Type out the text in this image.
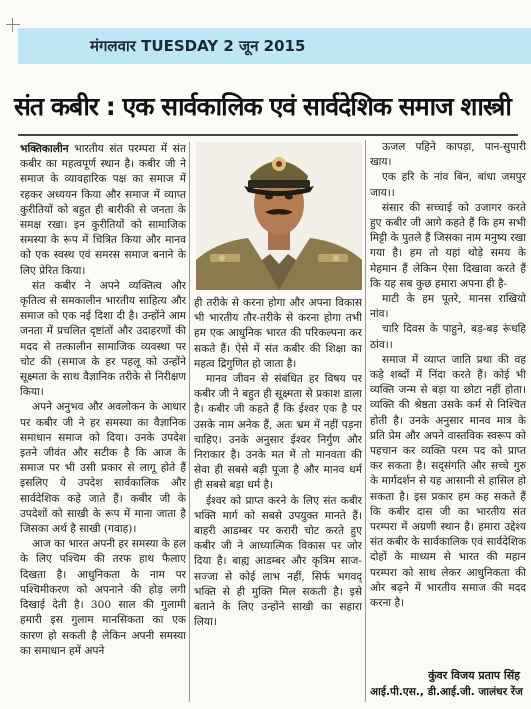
मंगलवार TUESDAY 2 जून 2015
संत कबीर : एक सार्वकालिक एवं सार्वदेशिक समाज शास्त्री

भक्तिकालीन भारतीय संत परम्परा में संत कबीर का महत्वपूर्ण स्थान है। कबीर जी ने समाज के व्यावहारिक पक्ष का समाज में रहकर अध्ययन किया और समाज में व्याप्त कुरीतियों को बहुत ही बारीकी से जनता के समक्ष रखा। इन कुरीतियों को सामाजिक समस्या के रूप में चित्रित किया और मानव को एक स्वस्थ एवं समरस समाज बनाने के लिए प्रेरित किया।

संत कबीर ने अपने व्यक्तित्व और कृतित्व से समकालीन भारतीय साहित्य और समाज को एक नई दिशा दी है। उन्होंने आम जनता में प्रचलित दृष्टांतों और उदाहरणों की मदद से तत्कालीन सामाजिक व्यवस्था पर चोट की (समाज के हर पहलू को उन्होंने सूक्ष्मता के साथ वैज्ञानिक तरीके से निरीक्षण किया।

अपने अनुभव और अवलोकन के आधार पर कबीर जी ने हर समस्या का वैज्ञानिक समाधान समाज को दिया। उनके उपदेश इतने जीवंत और सटीक है कि आज के समाज पर भी उसी प्रकार से लागू होते हैं इसलिए ये उपदेश सार्वकालिक और सार्वदेशिक कहे जाते हैं। कबीर जी के उपदेशों को साखी के रूप में माना जाता है जिसका अर्थ है साखी (गवाह)।

आज का भारत अपनी हर समस्या के हल के लिए पश्चिम की तरफ हाथ फैलाए दिखता है। आधुनिकता के नाम पर पश्चिमीकरण को अपनाने की होड़ लगी दिखाई देती है। 300 साल की गुलामी हमारी इस गुलाम मानसिकता का एक कारण हो सकती है लेकिन अपनी समस्या का समाधान हमें अपने

ही तरीके से करना होगा और अपना विकास भी भारतीय तौर-तरीके से करना होगा तभी हम एक आधुनिक भारत की परिकल्पना कर सकते हैं। ऐसे में संत कबीर की शिक्षा का महत्व द्रिगुणित हो जाता है।

मानव जीवन से संबंधित हर विषय पर कबीर जी ने बहुत ही सूक्ष्मता से प्रकाश डाला है। कबीर जी कहते हैं कि ईश्वर एक है पर उसके नाम अनेक हैं, अतः भ्रम में नहीं पड़ना चाहिए। उनके अनुसार ईश्वर निर्गुण और निराकार है। उनके मत में तो मानवता की सेवा ही सबसे बड़ी पूजा है और मानव धर्म ही सबसे बड़ा धर्म है।

ईश्वर को प्राप्त करने के लिए संत कबीर भक्ति मार्ग को सबसे उपयुक्त मानते हैं। बाहरी आडम्बर पर करारी चोट करते हुए कबीर जी ने आध्यात्मिक विकास पर जोर दिया है। बाह्य आडम्बर और कृत्रिम साज-सज्जा से कोई लाभ नहीं, सिर्फ भगवद् भक्ति से ही मुक्ति मिल सकती है। इसे बताने के लिए उन्होंने साखी का सहारा लिया।

ऊजल पहिने कापड़ा, पान-सुपारी खाय।

एक हरि के नांव बिन, बांधा जमपुर जाय।।

संसार की सच्चाई को उजागर करते हुए कबीर जी आगे कहते हैं कि हम सभी मिट्टी के पुतले हैं जिसका नाम मनुष्य रखा गया है। हम तो यहां थोड़े समय के मेहमान हैं लेकिन ऐसा दिखावा करते हैं कि यह सब कुछ हमारा अपना ही है-

माटी के हम पूतरे, मानस राखियो नांव।

चारि दिवस के पाहुने, बड़-बड़ रूंधहि ठांव।।

समाज में व्याप्त जाति प्रथा की वह कड़े शब्दों में निंदा करते हैं। कोई भी व्यक्ति जन्म से बड़ा या छोटा नहीं होता। व्यक्ति की श्रेष्ठता उसके कर्म से निश्चित होती है। उनके अनुसार मानव मात्र के प्रति प्रेम और अपने वास्तविक स्वरूप को पहचान कर व्यक्ति परम पद को प्राप्त कर सकता है। सद्संगति और सच्चे गुरु के मार्गदर्शन से यह आसानी से हासिल हो सकता है। इस प्रकार हम कह सकते हैं कि कबीर दास जी का भारतीय संत परम्परा में अग्रणी स्थान है। हमारा उद्देश्य संत कबीर के सार्वकालिक एवं सार्वदेशिक दोहों के माध्यम से भारत की महान परम्परा को साथ लेकर आधुनिकता की ओर बढ़ने में भारतीय समाज की मदद करना है।

कुंवर विजय प्रताप सिंह
आई.पी.एस., डी.आई.जी. जालंधर रेंज
